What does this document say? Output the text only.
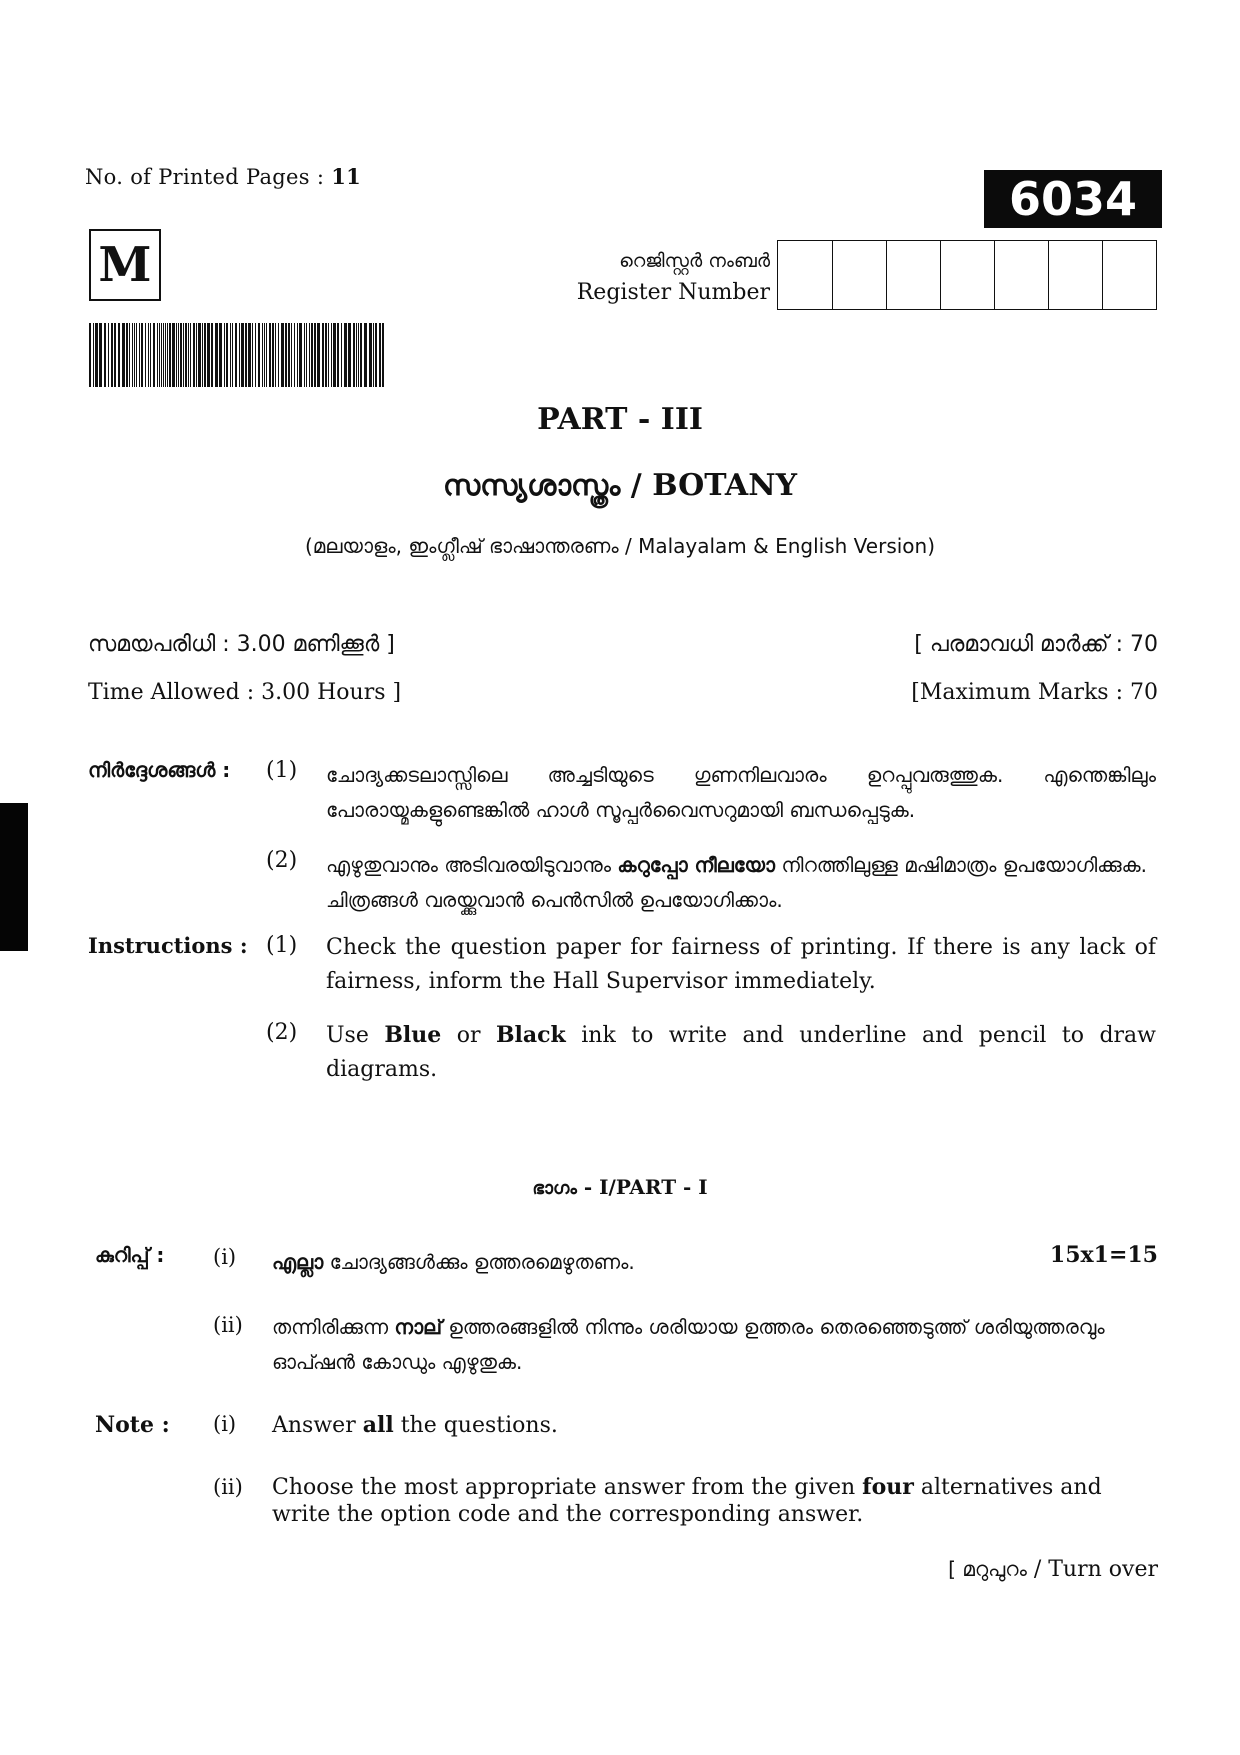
No. of Printed Pages : 11	6034
M	റെജിസ്റ്റർ നംബർ
Register Number
PART - III
സസ്യശാസ്ത്രം / BOTANY
(മലയാളം, ഇംഗ്ലീഷ് ഭാഷാന്തരണം / Malayalam & English Version)
സമയപരിധി : 3.00 മണിക്കൂർ ]	[ പരമാവധി മാർക്ക് : 70
Time Allowed : 3.00 Hours ]	[Maximum Marks : 70
നിർദ്ദേശങ്ങൾ : (1) ചോദ്യക്കടലാസ്സിലെ അച്ചടിയുടെ ഗുണനിലവാരം ഉറപ്പുവരുത്തുക. എന്തെങ്കിലും പോരായ്മകളുണ്ടെങ്കിൽ ഹാൾ സൂപ്പർവൈസറുമായി ബന്ധപ്പെടുക.
(2) എഴുതുവാനും അടിവരയിടുവാനും കറുപ്പോ നീലയോ നിറത്തിലുള്ള മഷിമാത്രം ഉപയോഗിക്കുക. ചിത്രങ്ങൾ വരയ്ക്കുവാൻ പെൻസിൽ ഉപയോഗിക്കാം.
Instructions : (1) Check the question paper for fairness of printing. If there is any lack of fairness, inform the Hall Supervisor immediately.
(2) Use Blue or Black ink to write and underline and pencil to draw diagrams.
ഭാഗം - I/PART - I
കുറിപ്പ് : (i) എല്ലാ ചോദ്യങ്ങൾക്കും ഉത്തരമെഴുതണം.	15x1=15
(ii) തന്നിരിക്കുന്ന നാല് ഉത്തരങ്ങളിൽ നിന്നും ശരിയായ ഉത്തരം തെരഞ്ഞെടുത്ത് ശരിയുത്തരവും ഓപ്ഷൻ കോഡും എഴുതുക.
Note : (i) Answer all the questions.
(ii) Choose the most appropriate answer from the given four alternatives and write the option code and the corresponding answer.
[ മറുപുറം / Turn over
